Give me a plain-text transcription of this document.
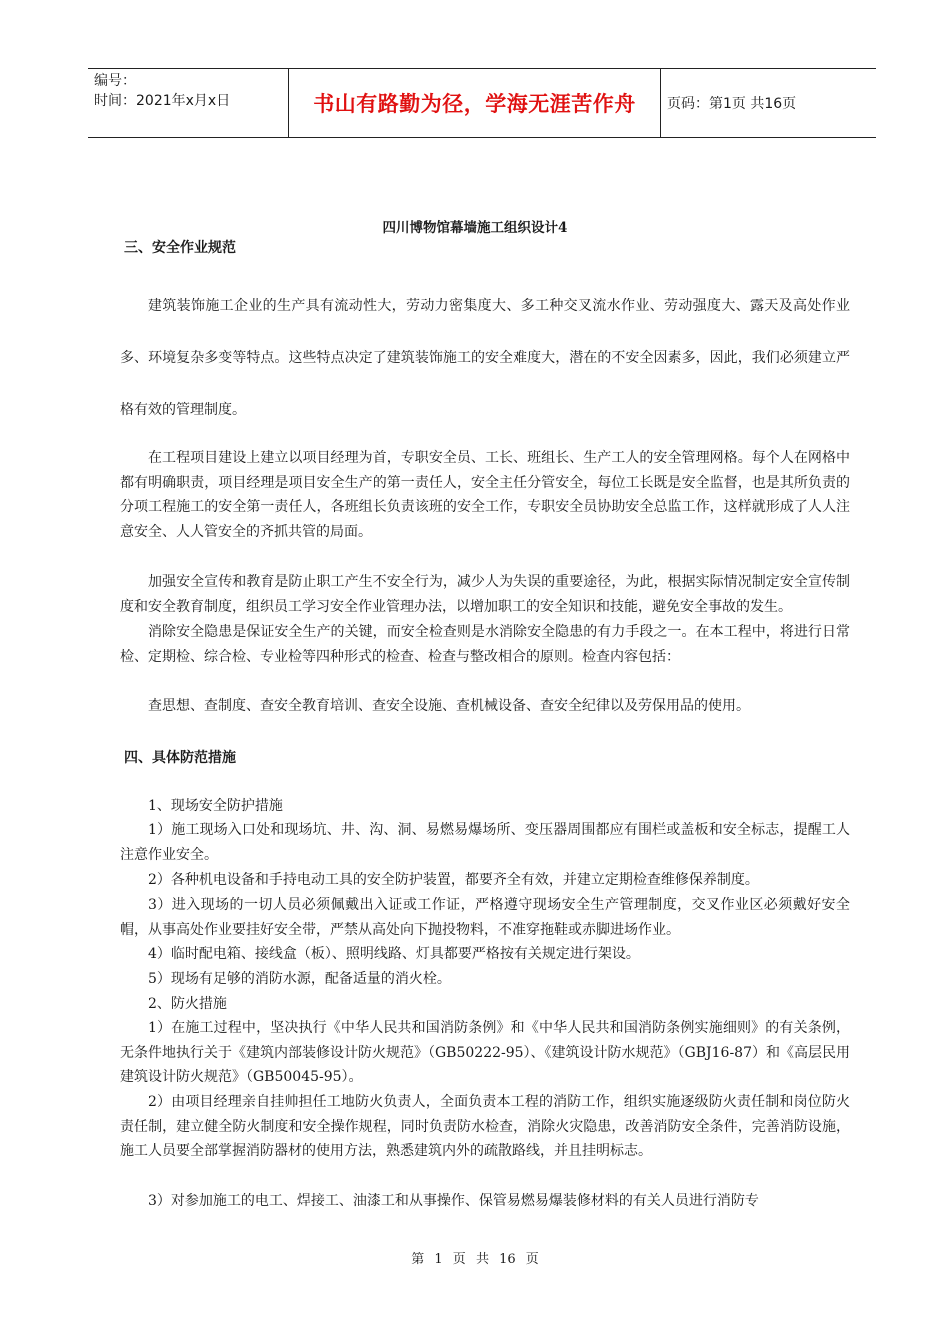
编号：
时间：2021年x月x日	书山有路勤为径，学海无涯苦作舟 页码：第1页 共16页
四川博物馆幕墙施工组织设计4
三、安全作业规范

建筑装饰施工企业的生产具有流动性大，劳动力密集度大、多工种交叉流水作业、劳动强度大、露天及高处作业多、环境复杂多变等特点。这些特点决定了建筑装饰施工的安全难度大，潜在的不安全因素多，因此，我们必须建立严格有效的管理制度。

在工程项目建设上建立以项目经理为首，专职安全员、工长、班组长、生产工人的安全管理网格。每个人在网格中都有明确职责，项目经理是项目安全生产的第一责任人，安全主任分管安全，每位工长既是安全监督，也是其所负责的分项工程施工的安全第一责任人，各班组长负责该班的安全工作，专职安全员协助安全总监工作，这样就形成了人人注意安全、人人管安全的齐抓共管的局面。

加强安全宣传和教育是防止职工产生不安全行为，减少人为失误的重要途径，为此，根据实际情况制定安全宣传制度和安全教育制度，组织员工学习安全作业管理办法，以增加职工的安全知识和技能，避免安全事故的发生。

消除安全隐患是保证安全生产的关键，而安全检查则是水消除安全隐患的有力手段之一。在本工程中，将进行日常检、定期检、综合检、专业检等四种形式的检查、检查与整改相合的原则。检查内容包括：

查思想、查制度、查安全教育培训、查安全设施、查机械设备、查安全纪律以及劳保用品的使用。

四、具体防范措施

1、现场安全防护措施

1）施工现场入口处和现场坑、井、沟、洞、易燃易爆场所、变压器周围都应有围栏或盖板和安全标志，提醒工人注意作业安全。

2）各种机电设备和手持电动工具的安全防护装置，都要齐全有效，并建立定期检查维修保养制度。

3）进入现场的一切人员必须佩戴出入证或工作证，严格遵守现场安全生产管理制度，交叉作业区必须戴好安全帽，从事高处作业要挂好安全带，严禁从高处向下抛投物料，不准穿拖鞋或赤脚进场作业。

4）临时配电箱、接线盒（板）、照明线路、灯具都要严格按有关规定进行架设。

5）现场有足够的消防水源，配备适量的消火栓。

2、防火措施

1）在施工过程中，坚决执行《中华人民共和国消防条例》和《中华人民共和国消防条例实施细则》的有关条例，无条件地执行关于《建筑内部装修设计防火规范》（GB50222-95）、《建筑设计防水规范》（GBJ16-87）和《高层民用建筑设计防火规范》（GB50045-95）。

2）由项目经理亲自挂帅担任工地防火负责人，全面负责本工程的消防工作，组织实施逐级防火责任制和岗位防火责任制，建立健全防火制度和安全操作规程，同时负责防水检查，消除火灾隐患，改善消防安全条件，完善消防设施，施工人员要全部掌握消防器材的使用方法，熟悉建筑内外的疏散路线，并且挂明标志。

3）对参加施工的电工、焊接工、油漆工和从事操作、保管易燃易爆装修材料的有关人员进行消防专

第 1 页 共 16 页
